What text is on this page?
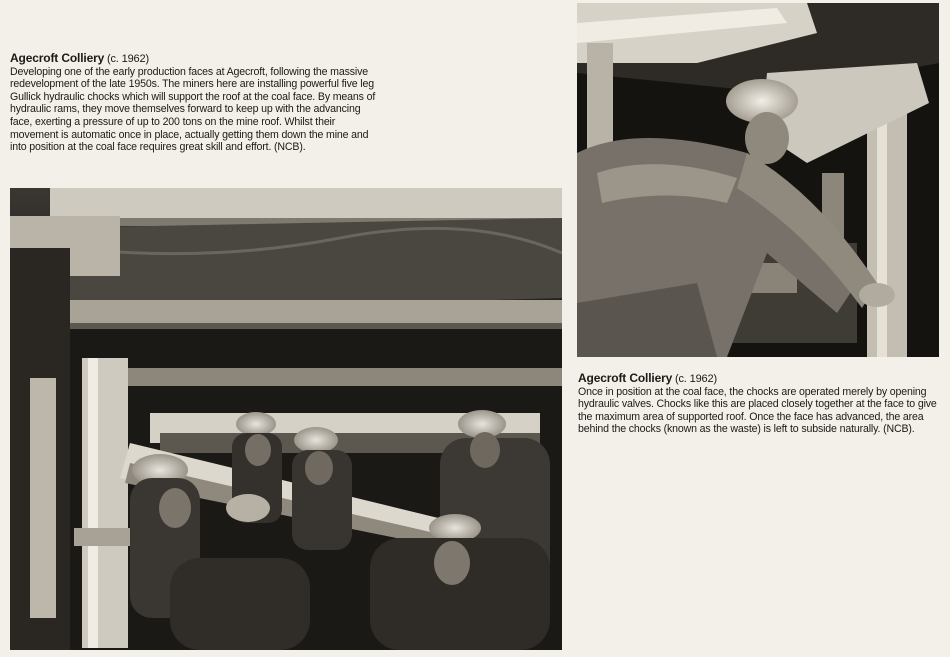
Agecroft Colliery (c. 1962)
Developing one of the early production faces at Agecroft, following the massive redevelopment of the late 1950s. The miners here are installing powerful five leg Gullick hydraulic chocks which will support the roof at the coal face. By means of hydraulic rams, they move themselves forward to keep up with the advancing face, exerting a pressure of up to 200 tons on the mine roof. Whilst their movement is automatic once in place, actually getting them down the mine and into position at the coal face requires great skill and effort. (NCB).
Agecroft Colliery (c. 1962)
Once in position at the coal face, the chocks are operated merely by opening hydraulic valves. Chocks like this are placed closely together at the face to give the maximum area of supported roof. Once the face has advanced, the area behind the chocks (known as the waste) is left to subside naturally. (NCB).
